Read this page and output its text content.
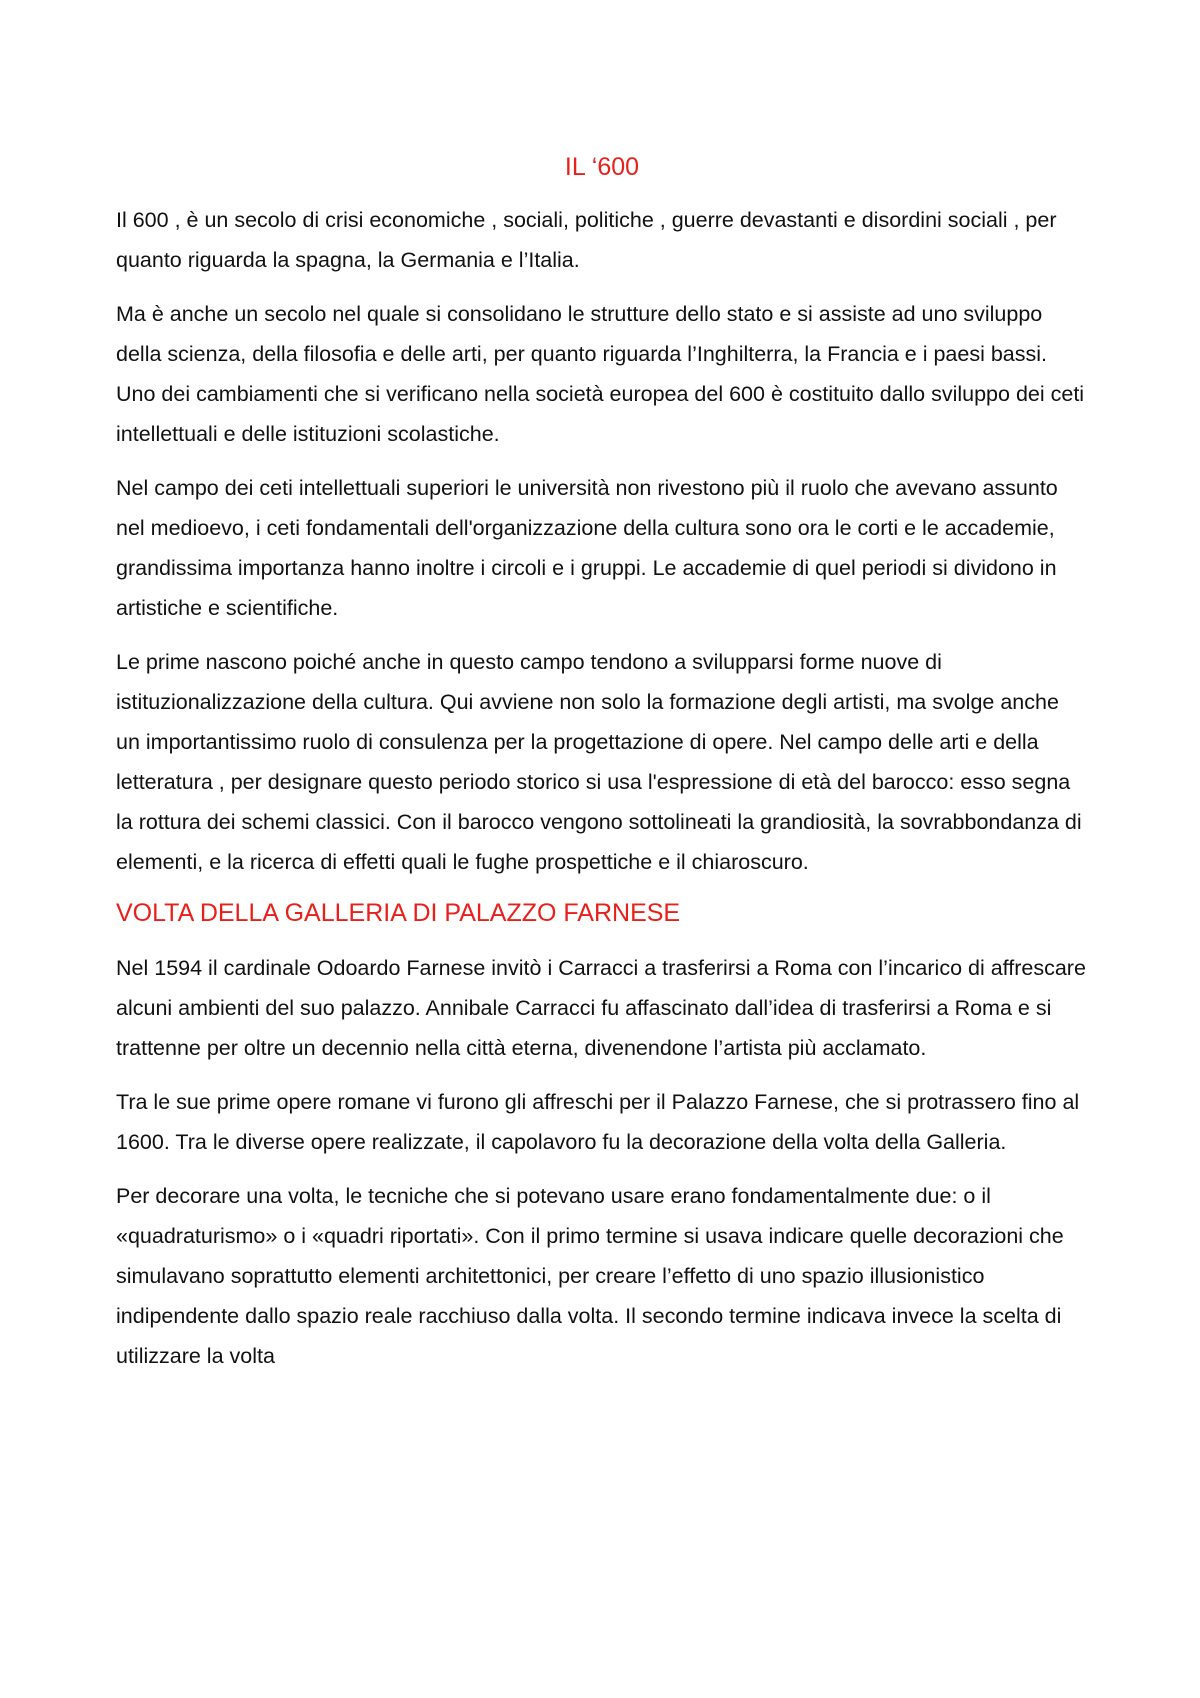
IL ‘600

Il 600 , è un secolo di crisi economiche , sociali, politiche , guerre devastanti e disordini sociali , per quanto riguarda la spagna, la Germania e l’Italia.

Ma è anche un secolo nel quale si consolidano le strutture dello stato e si assiste ad uno sviluppo della scienza, della filosofia e delle arti, per quanto riguarda l’Inghilterra, la Francia e i paesi bassi. Uno dei cambiamenti che si verificano nella società europea del 600 è costituito dallo sviluppo dei ceti intellettuali e delle istituzioni scolastiche.

Nel campo dei ceti intellettuali superiori le università non rivestono più il ruolo che avevano assunto nel medioevo, i ceti fondamentali dell'organizzazione della cultura sono ora le corti e le accademie, grandissima importanza hanno inoltre i circoli e i gruppi. Le accademie di quel periodi si dividono in artistiche e scientifiche.

Le prime nascono poiché anche in questo campo tendono a svilupparsi forme nuove di istituzionalizzazione della cultura. Qui avviene non solo la formazione degli artisti, ma svolge anche un importantissimo ruolo di consulenza per la progettazione di opere. Nel campo delle arti e della letteratura , per designare questo periodo storico si usa l'espressione di età del barocco: esso segna la rottura dei schemi classici. Con il barocco vengono sottolineati la grandiosità, la sovrabbondanza di elementi, e la ricerca di effetti quali le fughe prospettiche e il chiaroscuro.

VOLTA DELLA GALLERIA DI PALAZZO FARNESE

Nel 1594 il cardinale Odoardo Farnese invitò i Carracci a trasferirsi a Roma con l’incarico di affrescare alcuni ambienti del suo palazzo. Annibale Carracci fu affascinato dall’idea di trasferirsi a Roma e si trattenne per oltre un decennio nella città eterna, divenendone l’artista più acclamato.

Tra le sue prime opere romane vi furono gli affreschi per il Palazzo Farnese, che si protrassero fino al 1600. Tra le diverse opere realizzate, il capolavoro fu la decorazione della volta della Galleria.

Per decorare una volta, le tecniche che si potevano usare erano fondamentalmente due: o il «quadraturismo» o i «quadri riportati». Con il primo termine si usava indicare quelle decorazioni che simulavano soprattutto elementi architettonici, per creare l’effetto di uno spazio illusionistico indipendente dallo spazio reale racchiuso dalla volta. Il secondo termine indicava invece la scelta di utilizzare la volta
